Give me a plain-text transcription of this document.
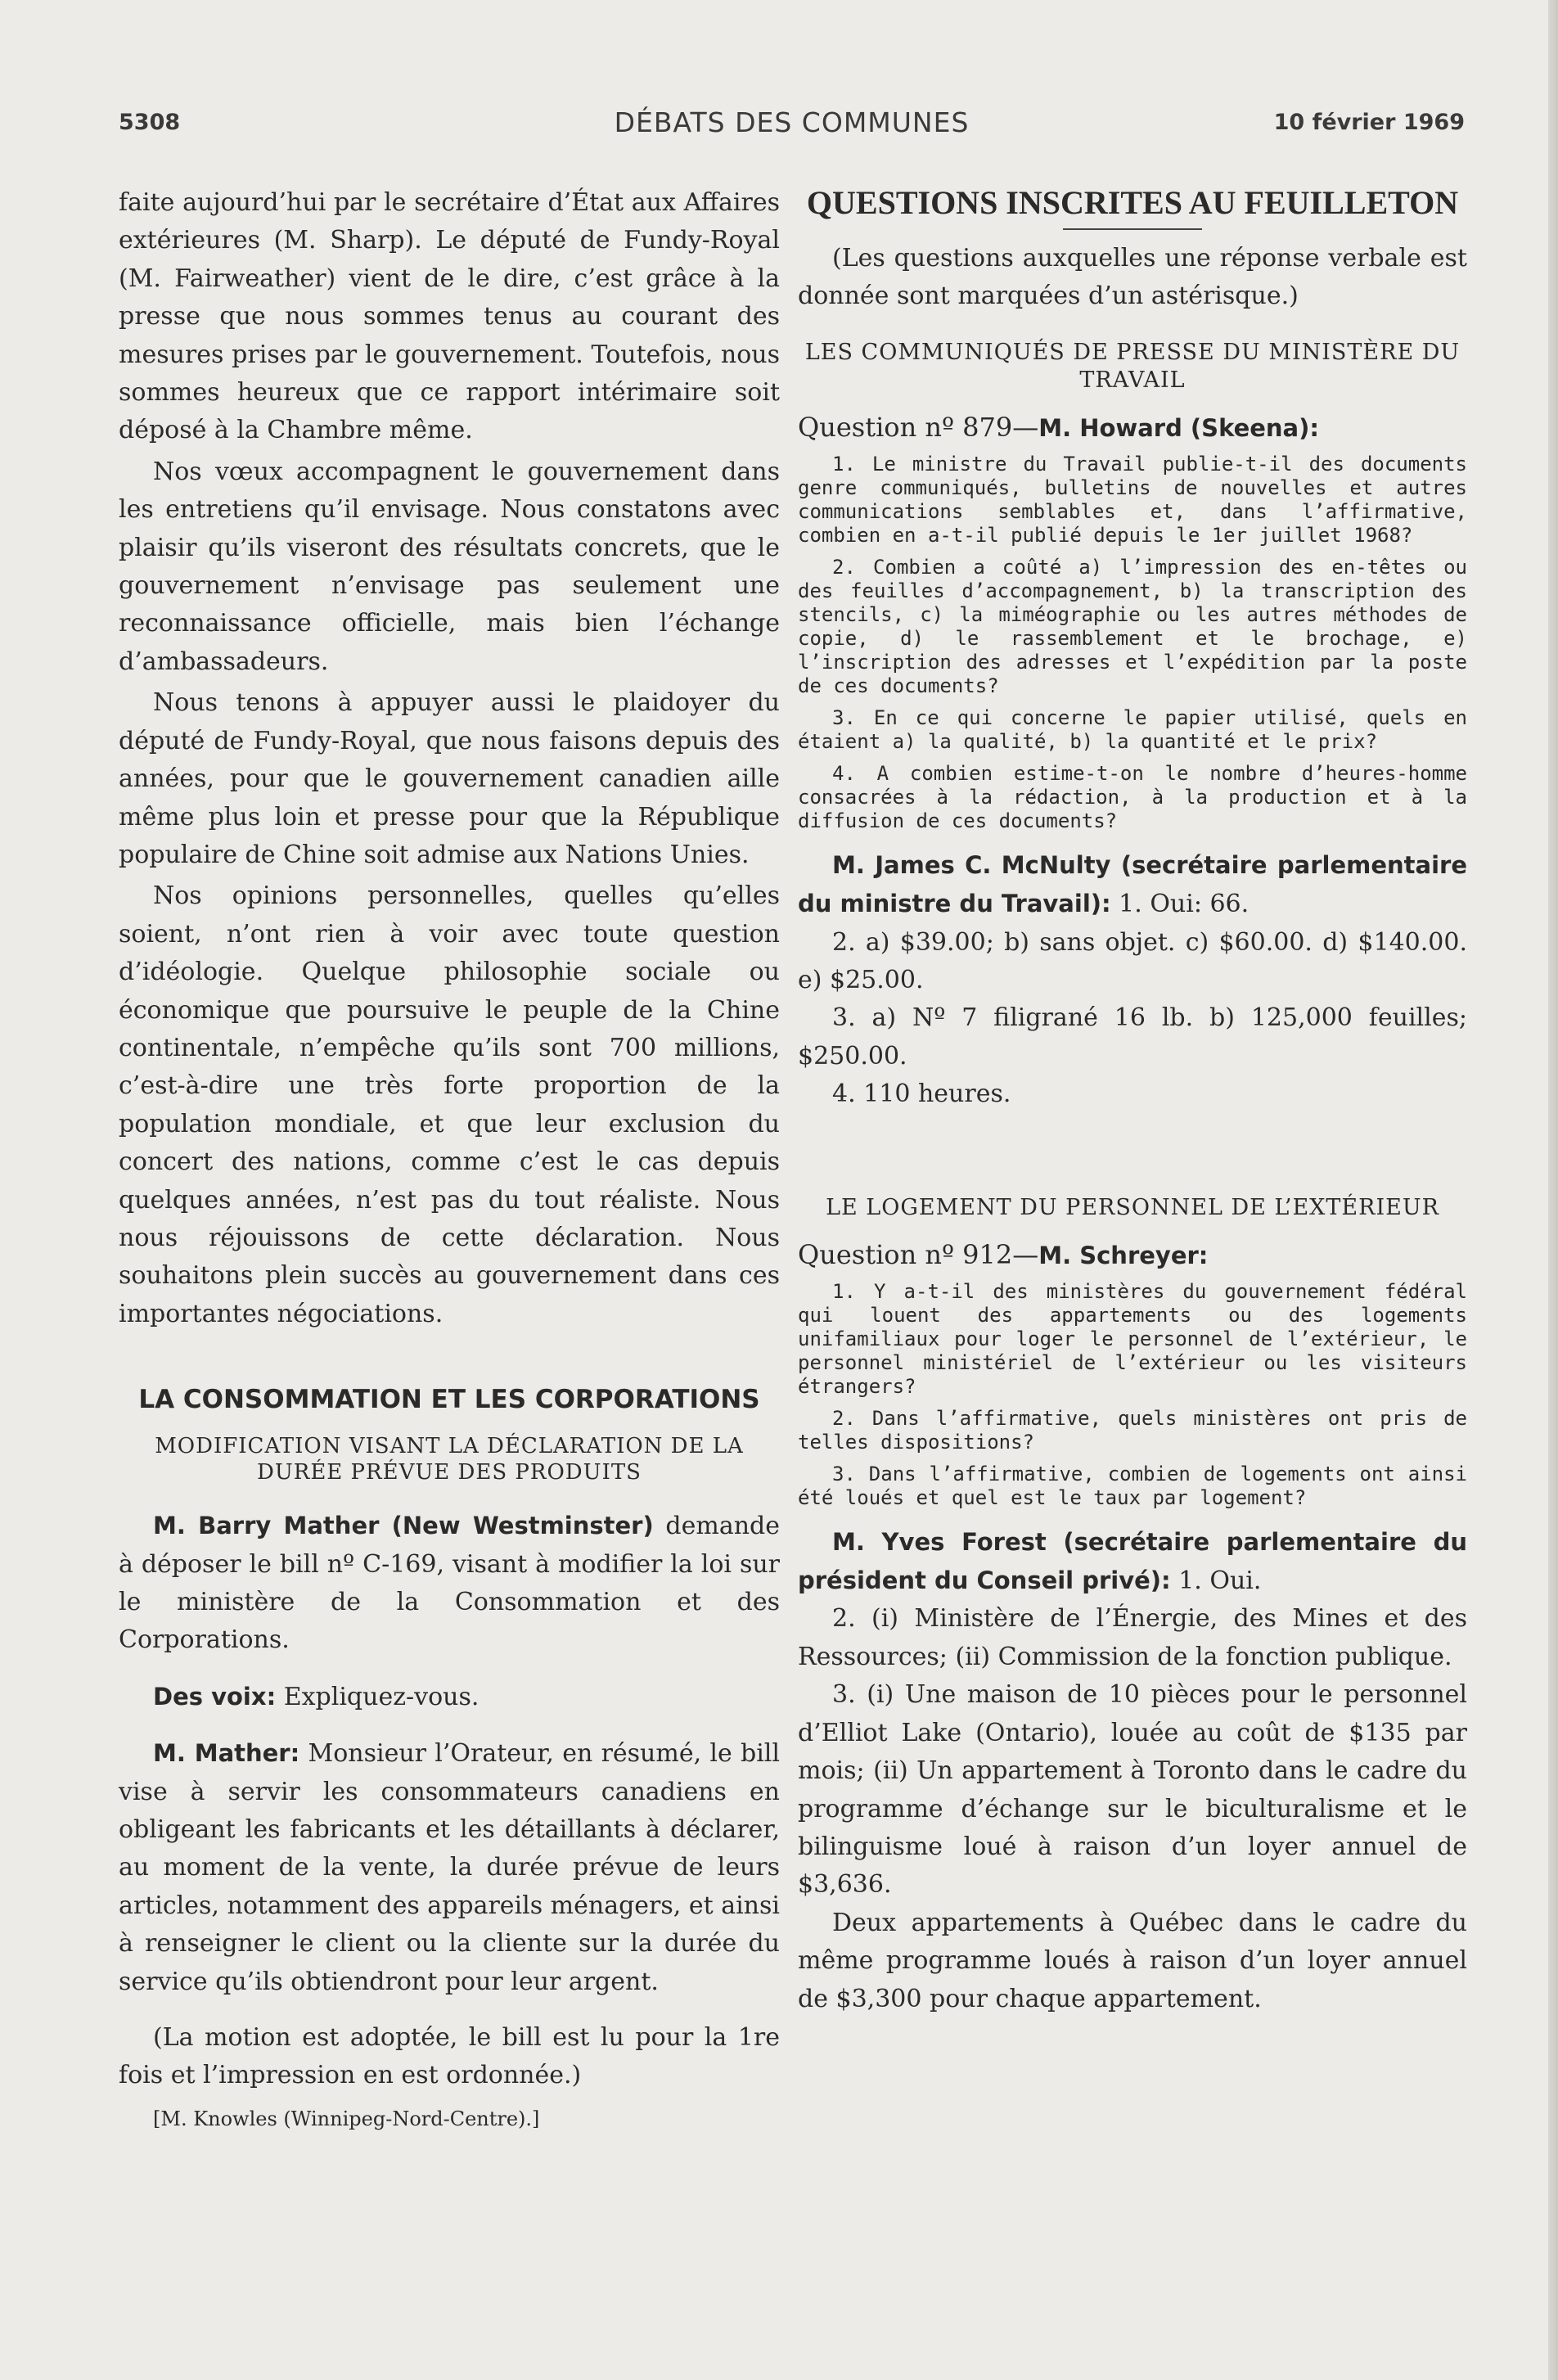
5308	DÉBATS DES COMMUNES	10 février 1969

faite aujourd’hui par le secrétaire d’État aux Affaires extérieures (M. Sharp). Le député de Fundy-Royal (M. Fairweather) vient de le dire, c’est grâce à la presse que nous sommes tenus au courant des mesures prises par le gouvernement. Toutefois, nous sommes heureux que ce rapport intérimaire soit déposé à la Chambre même.

Nos vœux accompagnent le gouvernement dans les entretiens qu’il envisage. Nous constatons avec plaisir qu’ils viseront des résultats concrets, que le gouvernement n’envisage pas seulement une reconnaissance officielle, mais bien l’échange d’ambassadeurs.

Nous tenons à appuyer aussi le plaidoyer du député de Fundy-Royal, que nous faisons depuis des années, pour que le gouvernement canadien aille même plus loin et presse pour que la République populaire de Chine soit admise aux Nations Unies.

Nos opinions personnelles, quelles qu’elles soient, n’ont rien à voir avec toute question d’idéologie. Quelque philosophie sociale ou économique que poursuive le peuple de la Chine continentale, n’empêche qu’ils sont 700 millions, c’est-à-dire une très forte proportion de la population mondiale, et que leur exclusion du concert des nations, comme c’est le cas depuis quelques années, n’est pas du tout réaliste. Nous nous réjouissons de cette déclaration. Nous souhaitons plein succès au gouvernement dans ces importantes négociations.

LA CONSOMMATION ET LES CORPORATIONS
MODIFICATION VISANT LA DÉCLARATION DE LA DURÉE PRÉVUE DES PRODUITS

M. Barry Mather (New Westminster) demande à déposer le bill nº C-169, visant à modifier la loi sur le ministère de la Consommation et des Corporations.

Des voix: Expliquez-vous.

M. Mather: Monsieur l’Orateur, en résumé, le bill vise à servir les consommateurs canadiens en obligeant les fabricants et les détaillants à déclarer, au moment de la vente, la durée prévue de leurs articles, notamment des appareils ménagers, et ainsi à renseigner le client ou la cliente sur la durée du service qu’ils obtiendront pour leur argent.

(La motion est adoptée, le bill est lu pour la 1re fois et l’impression en est ordonnée.)

[M. Knowles (Winnipeg-Nord-Centre).]

QUESTIONS INSCRITES AU FEUILLETON

(Les questions auxquelles une réponse verbale est donnée sont marquées d’un astérisque.)

LES COMMUNIQUÉS DE PRESSE DU MINISTÈRE DU TRAVAIL

Question nº 879—M. Howard (Skeena):

1. Le ministre du Travail publie-t-il des documents genre communiqués, bulletins de nouvelles et autres communications semblables et, dans l’affirmative, combien en a-t-il publié depuis le 1er juillet 1968?

2. Combien a coûté a) l’impression des en-têtes ou des feuilles d’accompagnement, b) la transcription des stencils, c) la miméographie ou les autres méthodes de copie, d) le rassemblement et le brochage, e) l’inscription des adresses et l’expédition par la poste de ces documents?

3. En ce qui concerne le papier utilisé, quels en étaient a) la qualité, b) la quantité et le prix?

4. A combien estime-t-on le nombre d’heures-homme consacrées à la rédaction, à la production et à la diffusion de ces documents?

M. James C. McNulty (secrétaire parlementaire du ministre du Travail): 1. Oui: 66.

2. a) $39.00; b) sans objet. c) $60.00. d) $140.00. e) $25.00.

3. a) Nº 7 filigrané 16 lb. b) 125,000 feuilles; $250.00.

4. 110 heures.

LE LOGEMENT DU PERSONNEL DE L’EXTÉRIEUR

Question nº 912—M. Schreyer:

1. Y a-t-il des ministères du gouvernement fédéral qui louent des appartements ou des logements unifamiliaux pour loger le personnel de l’extérieur, le personnel ministériel de l’extérieur ou les visiteurs étrangers?

2. Dans l’affirmative, quels ministères ont pris de telles dispositions?

3. Dans l’affirmative, combien de logements ont ainsi été loués et quel est le taux par logement?

M. Yves Forest (secrétaire parlementaire du président du Conseil privé): 1. Oui.

2. (i) Ministère de l’Énergie, des Mines et des Ressources; (ii) Commission de la fonction publique.

3. (i) Une maison de 10 pièces pour le personnel d’Elliot Lake (Ontario), louée au coût de $135 par mois; (ii) Un appartement à Toronto dans le cadre du programme d’échange sur le biculturalisme et le bilinguisme loué à raison d’un loyer annuel de $3,636.

Deux appartements à Québec dans le cadre du même programme loués à raison d’un loyer annuel de $3,300 pour chaque appartement.
